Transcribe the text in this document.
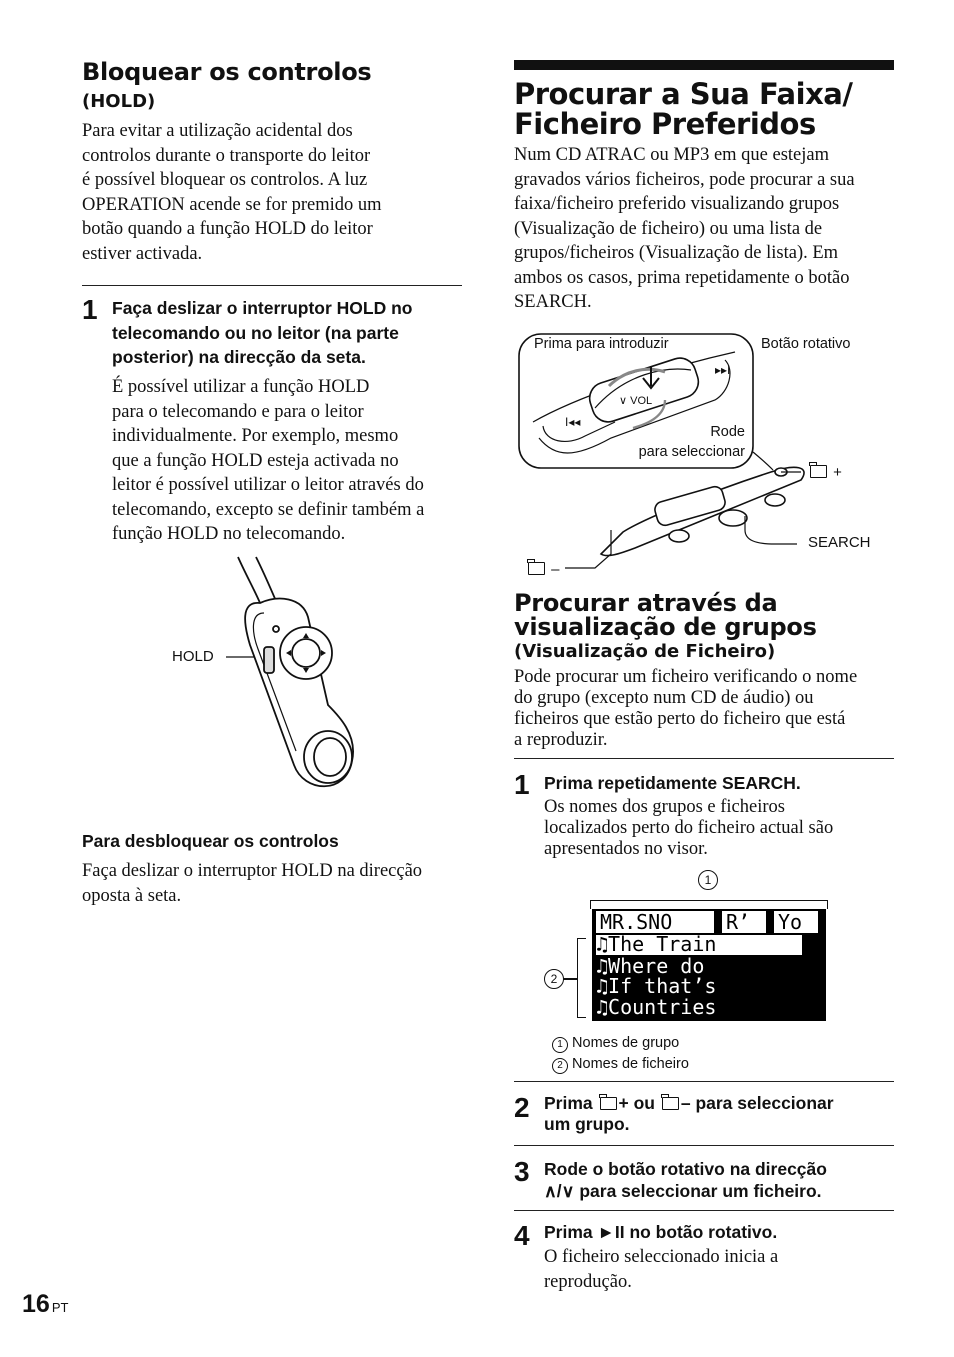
Bloquear os controlos
(HOLD)
Para evitar a utilização acidental dos
controlos durante o transporte do leitor
é possível bloquear os controlos. A luz
OPERATION acende se for premido um
botão quando a função HOLD do leitor
estiver activada.
1 Faça deslizar o interruptor HOLD no
telecomando ou no leitor (na parte
posterior) na direcção da seta.
É possível utilizar a função HOLD
para o telecomando e para o leitor
individualmente. Por exemplo, mesmo
que a função HOLD esteja activada no
leitor é possível utilizar o leitor através do
telecomando, excepto se definir também a
função HOLD no telecomando.
HOLD
Para desbloquear os controlos
Faça deslizar o interruptor HOLD na direcção
oposta à seta.
Procurar a Sua Faixa/
Ficheiro Preferidos
Num CD ATRAC ou MP3 em que estejam
gravados vários ficheiros, pode procurar a sua
faixa/ficheiro preferido visualizando grupos
(Visualização de ficheiro) ou uma lista de
grupos/ficheiros (Visualização de lista). Em
ambos os casos, prima repetidamente o botão
SEARCH.
▸▸I
I◂◂
∨ VOL
Prima para introduzir	Botão rotativo
Rode
para seleccionar
+
SEARCH
–
Procurar através da
visualização de grupos
(Visualização de Ficheiro)
Pode procurar um ficheiro verificando o nome
do grupo (excepto num CD de áudio) ou
ficheiros que estão perto do ficheiro que está
a reproduzir.
1 Prima repetidamente SEARCH.
Os nomes dos grupos e ficheiros
localizados perto do ficheiro actual são
apresentados no visor.
1
2
MR.SNO	R’	Yo
♫The Train
♫Where do
♫If that’s
♫Countries
1 Nomes de grupo
2 Nomes de ficheiro
2 Prima + ou – para seleccionar
um grupo.
3 Rode o botão rotativo na direcção
∧/∨ para seleccionar um ficheiro.
4 Prima ►II no botão rotativo.
O ficheiro seleccionado inicia a
reprodução.
16 PT
